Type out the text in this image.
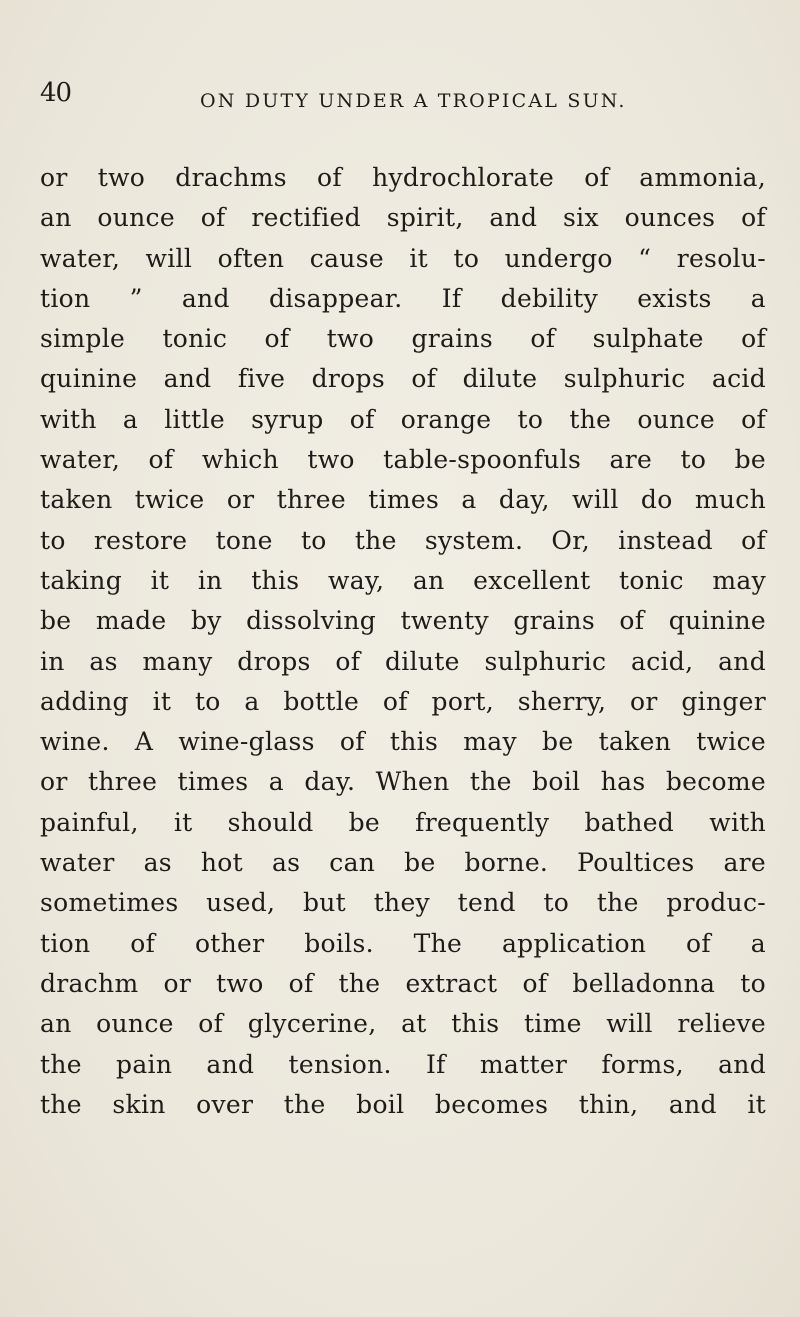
40	ON DUTY UNDER A TROPICAL SUN.
or two drachms of hydrochlorate of ammonia,
an ounce of rectified spirit, and six ounces of
water, will often cause it to undergo “ resolu-
tion ” and disappear. If debility exists a
simple tonic of two grains of sulphate of
quinine and five drops of dilute sulphuric acid
with a little syrup of orange to the ounce of
water, of which two table-spoonfuls are to be
taken twice or three times a day, will do much
to restore tone to the system. Or, instead of
taking it in this way, an excellent tonic may
be made by dissolving twenty grains of quinine
in as many drops of dilute sulphuric acid, and
adding it to a bottle of port, sherry, or ginger
wine. A wine-glass of this may be taken twice
or three times a day. When the boil has become
painful, it should be frequently bathed with
water as hot as can be borne. Poultices are
sometimes used, but they tend to the produc-
tion of other boils. The application of a
drachm or two of the extract of belladonna to
an ounce of glycerine, at this time will relieve
the pain and tension. If matter forms, and
the skin over the boil becomes thin, and it
